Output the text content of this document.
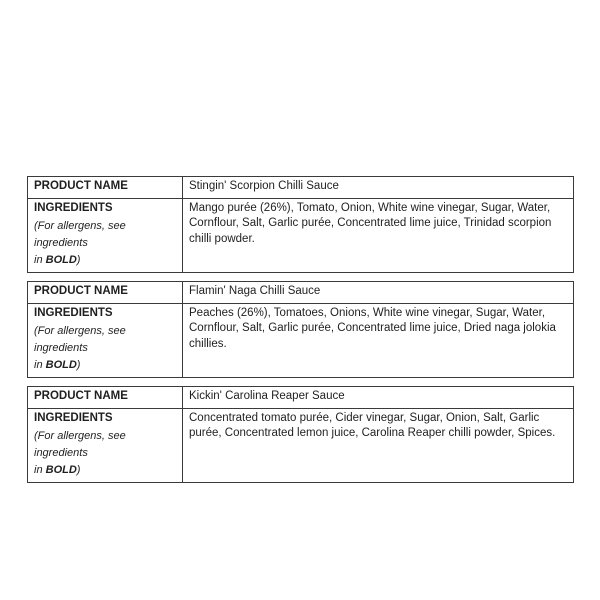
PRODUCT NAME	Stingin' Scorpion Chilli Sauce
INGREDIENTS
(For allergens, see ingredients
in BOLD)	Mango purée (26%), Tomato, Onion, White wine vinegar, Sugar, Water, Cornflour, Salt, Garlic purée, Concentrated lime juice, Trinidad scorpion chilli powder.
PRODUCT NAME	Flamin' Naga Chilli Sauce
INGREDIENTS
(For allergens, see ingredients
in BOLD)	Peaches (26%), Tomatoes, Onions, White wine vinegar, Sugar, Water, Cornflour, Salt, Garlic purée, Concentrated lime juice, Dried naga jolokia chillies.
PRODUCT NAME	Kickin' Carolina Reaper Sauce
INGREDIENTS
(For allergens, see ingredients
in BOLD)	Concentrated tomato purée, Cider vinegar, Sugar, Onion, Salt, Garlic purée, Concentrated lemon juice, Carolina Reaper chilli powder, Spices.
